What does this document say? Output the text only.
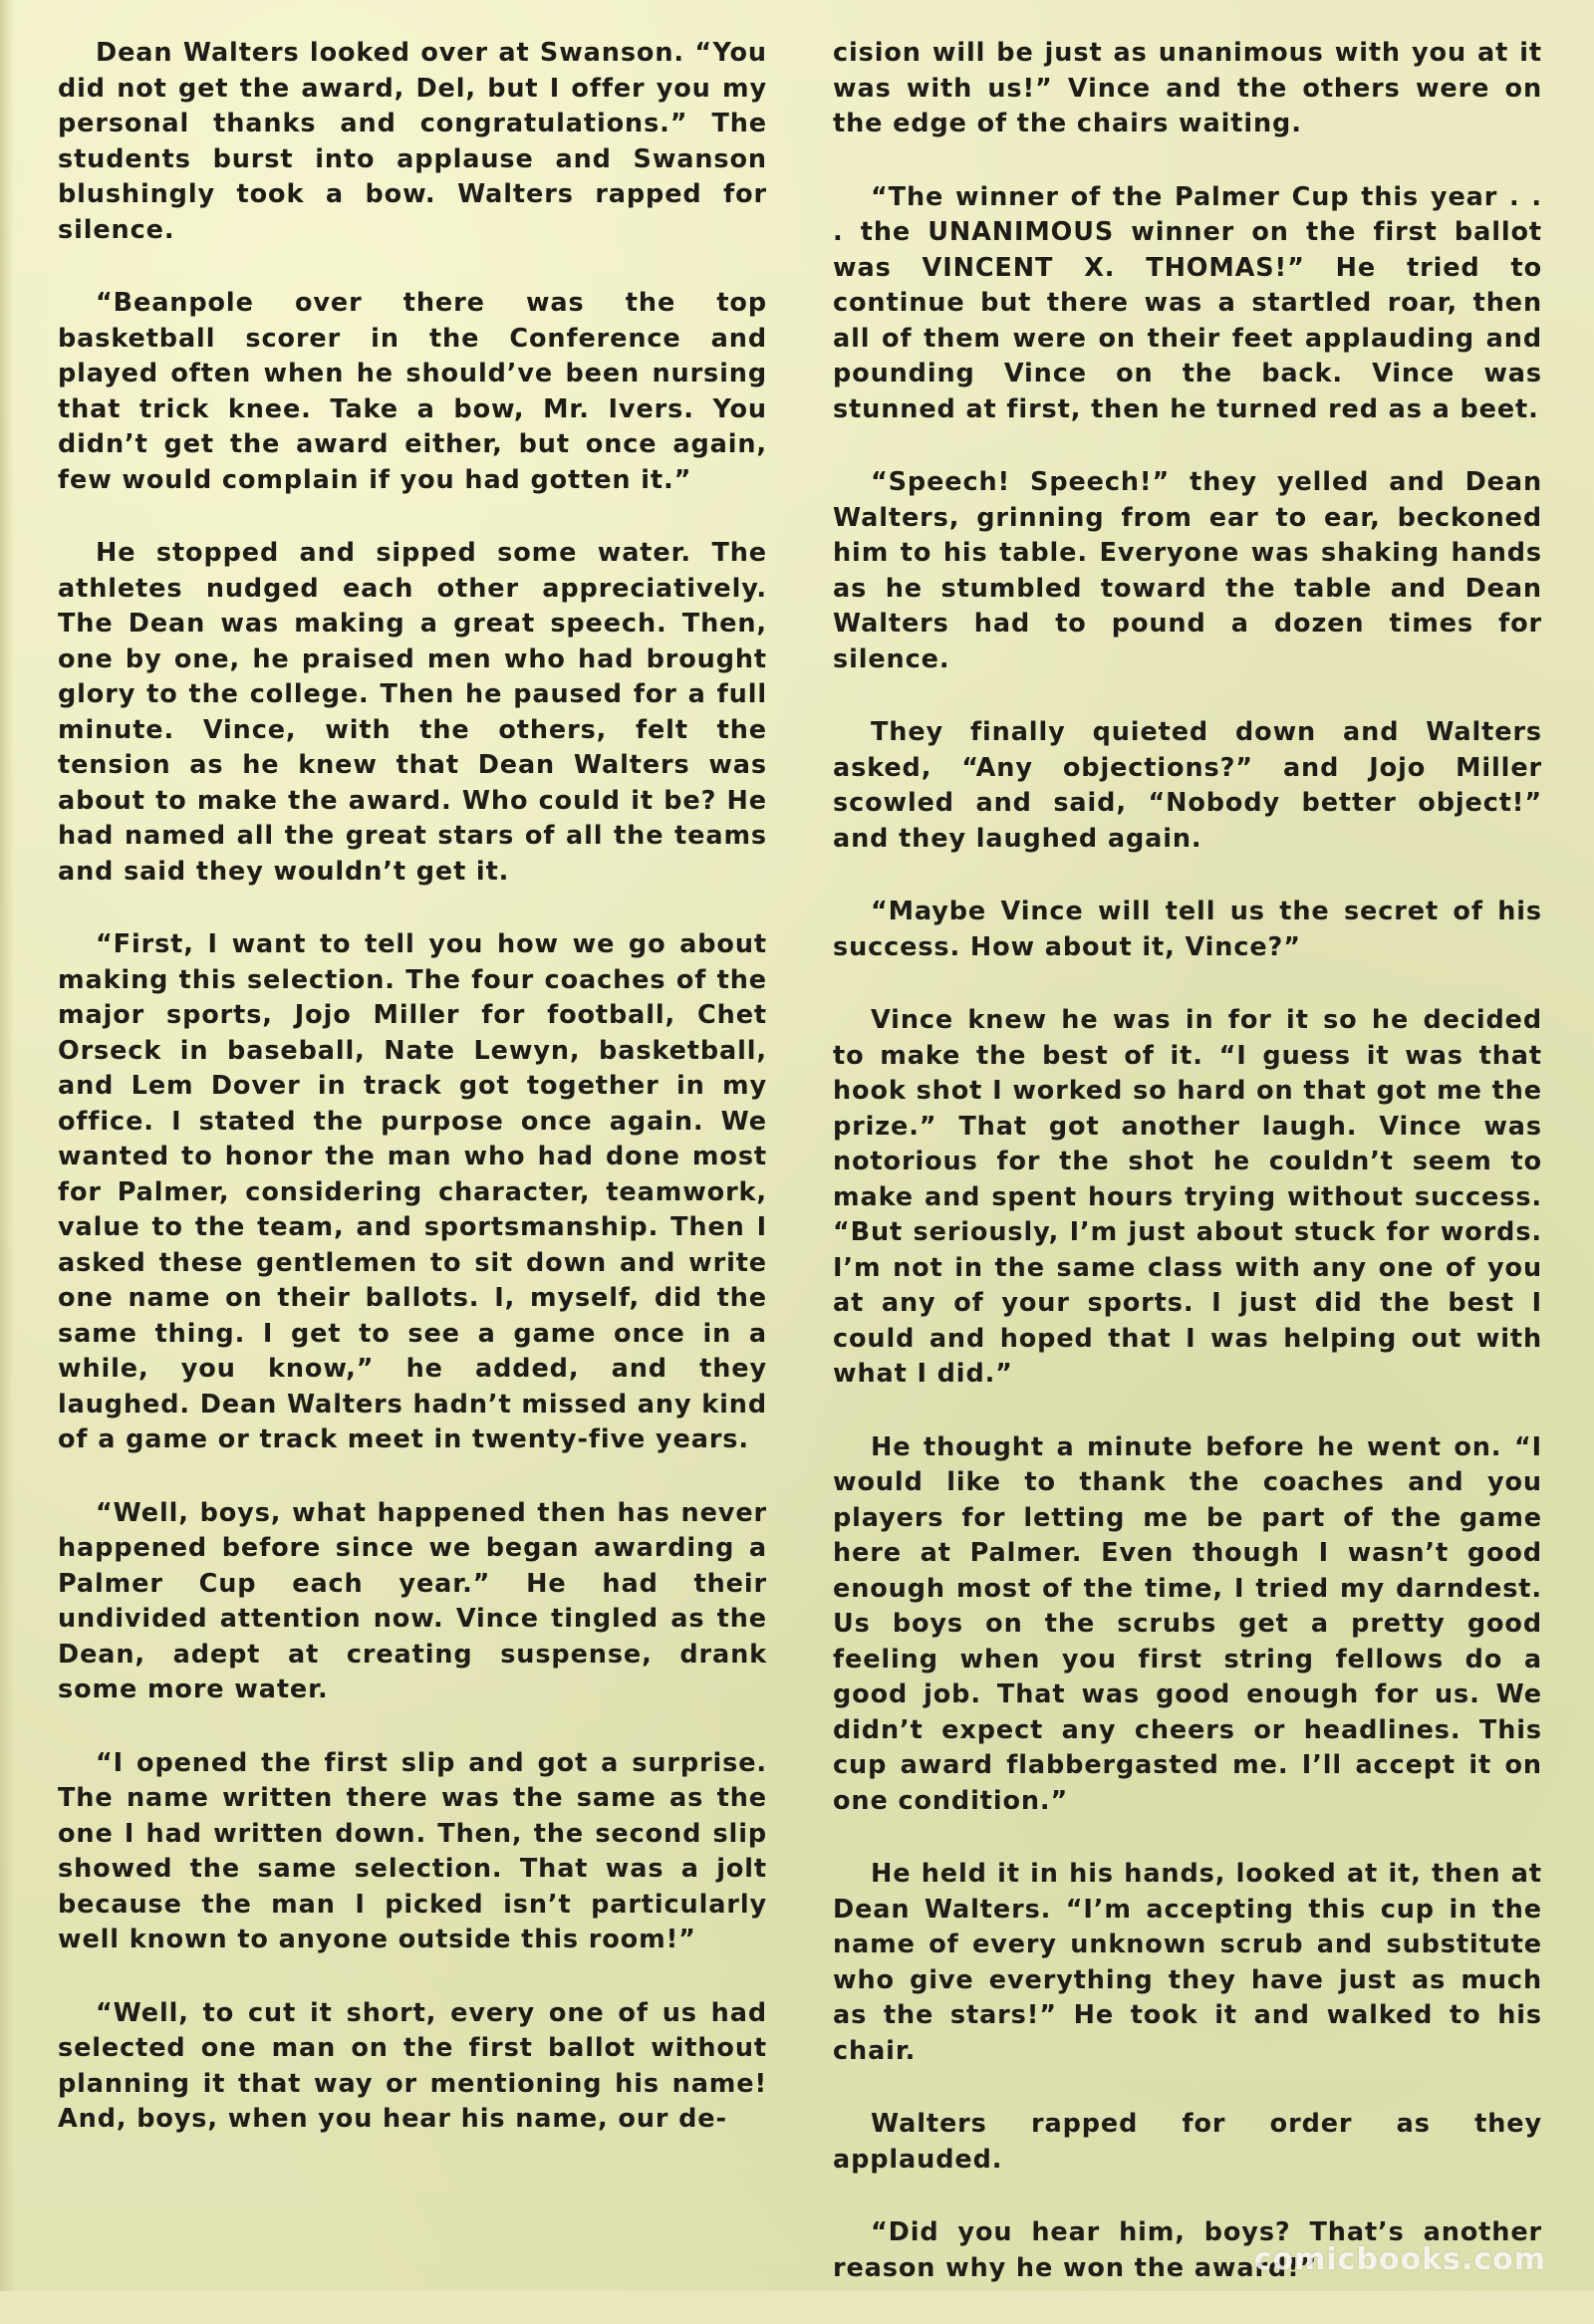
Dean Walters looked over at Swanson. “You did not get the award, Del, but I offer you my personal thanks and congratulations.” The students burst into applause and Swanson blushingly took a bow. Walters rapped for silence.

“Beanpole over there was the top basketball scorer in the Conference and played often when he should’ve been nursing that trick knee. Take a bow, Mr. Ivers. You didn’t get the award either, but once again, few would complain if you had gotten it.”

He stopped and sipped some water. The athletes nudged each other appreciatively. The Dean was making a great speech. Then, one by one, he praised men who had brought glory to the college. Then he paused for a full minute. Vince, with the others, felt the tension as he knew that Dean Walters was about to make the award. Who could it be? He had named all the great stars of all the teams and said they wouldn’t get it.

“First, I want to tell you how we go about making this selection. The four coaches of the major sports, Jojo Miller for football, Chet Orseck in baseball, Nate Lewyn, basketball, and Lem Dover in track got together in my office. I stated the purpose once again. We wanted to honor the man who had done most for Palmer, considering character, teamwork, value to the team, and sportsmanship. Then I asked these gentlemen to sit down and write one name on their ballots. I, myself, did the same thing. I get to see a game once in a while, you know,” he added, and they laughed. Dean Walters hadn’t missed any kind of a game or track meet in twenty-five years.

“Well, boys, what happened then has never happened before since we began awarding a Palmer Cup each year.” He had their undivided attention now. Vince tingled as the Dean, adept at creating suspense, drank some more water.

“I opened the first slip and got a surprise. The name written there was the same as the one I had written down. Then, the second slip showed the same selection. That was a jolt because the man I picked isn’t particularly well known to anyone outside this room!”

“Well, to cut it short, every one of us had selected one man on the first ballot without planning it that way or mentioning his name! And, boys, when you hear his name, our de-

cision will be just as unanimous with you at it was with us!” Vince and the others were on the edge of the chairs waiting.

“The winner of the Palmer Cup this year . . . the UNANIMOUS winner on the first ballot was VINCENT X. THOMAS!” He tried to continue but there was a startled roar, then all of them were on their feet applauding and pounding Vince on the back. Vince was stunned at first, then he turned red as a beet.

“Speech! Speech!” they yelled and Dean Walters, grinning from ear to ear, beckoned him to his table. Everyone was shaking hands as he stumbled toward the table and Dean Walters had to pound a dozen times for silence.

They finally quieted down and Walters asked, “Any objections?” and Jojo Miller scowled and said, “Nobody better object!” and they laughed again.

“Maybe Vince will tell us the secret of his success. How about it, Vince?”

Vince knew he was in for it so he decided to make the best of it. “I guess it was that hook shot I worked so hard on that got me the prize.” That got another laugh. Vince was notorious for the shot he couldn’t seem to make and spent hours trying without success. “But seriously, I’m just about stuck for words. I’m not in the same class with any one of you at any of your sports. I just did the best I could and hoped that I was helping out with what I did.”

He thought a minute before he went on. “I would like to thank the coaches and you players for letting me be part of the game here at Palmer. Even though I wasn’t good enough most of the time, I tried my darndest. Us boys on the scrubs get a pretty good feeling when you first string fellows do a good job. That was good enough for us. We didn’t expect any cheers or headlines. This cup award flabbergasted me. I’ll accept it on one condition.”

He held it in his hands, looked at it, then at Dean Walters. “I’m accepting this cup in the name of every unknown scrub and substitute who give everything they have just as much as the stars!” He took it and walked to his chair.

Walters rapped for order as they applauded.

“Did you hear him, boys? That’s another reason why he won the award!”

comicbooks.com
